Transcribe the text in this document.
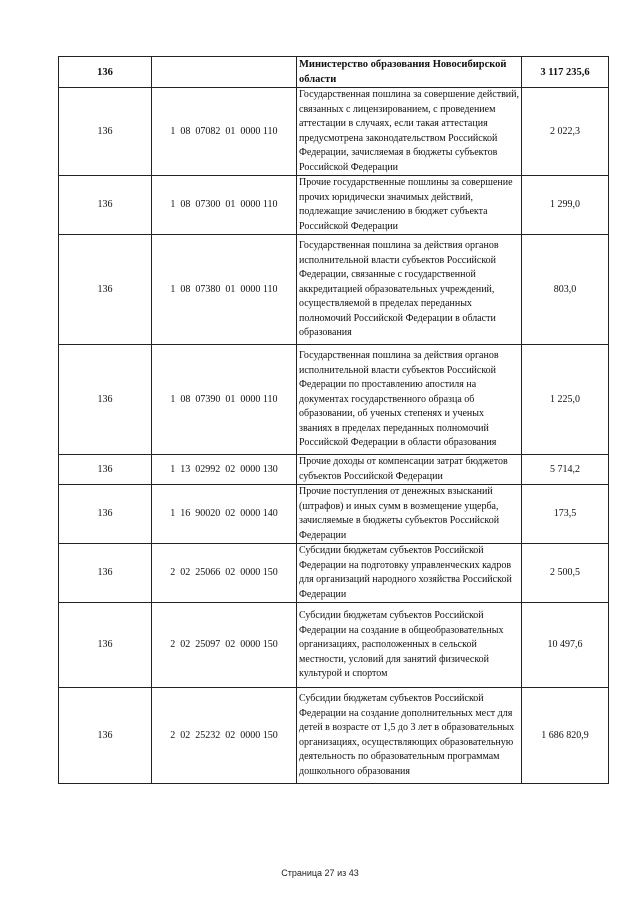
136		Министерство образования Новосибирской области	3 117 235,6
136	1  08  07082  01  0000 110	Государственная пошлина за совершение действий, связанных с лицензированием, с проведением аттестации в случаях, если такая аттестация предусмотрена законодательством Российской Федерации, зачисляемая в бюджеты субъектов Российской Федерации	2 022,3
136	1  08  07300  01  0000 110	Прочие государственные пошлины за совершение прочих юридически значимых действий, подлежащие зачислению в бюджет субъекта Российской Федерации	1 299,0
136	1  08  07380  01  0000 110	Государственная пошлина за действия органов исполнительной власти субъектов Российской Федерации, связанные с государственной аккредитацией образовательных учреждений, осуществляемой в пределах переданных полномочий Российской Федерации в области образования	803,0
136	1  08  07390  01  0000 110	Государственная пошлина за действия органов исполнительной власти субъектов Российской Федерации по проставлению апостиля на документах государственного образца об образовании, об ученых степенях и ученых званиях в пределах переданных полномочий Российской Федерации в области образования	1 225,0
136	1  13  02992  02  0000 130	Прочие доходы от компенсации затрат бюджетов субъектов Российской Федерации	5 714,2
136	1  16  90020  02  0000 140	Прочие поступления от денежных взысканий (штрафов) и иных сумм в возмещение ущерба, зачисляемые в бюджеты субъектов Российской Федерации	173,5
136	2  02  25066  02  0000 150	Субсидии бюджетам субъектов Российской Федерации на подготовку управленческих кадров для организаций народного хозяйства Российской Федерации	2 500,5
136	2  02  25097  02  0000 150	Субсидии бюджетам субъектов Российской Федерации на создание в общеобразовательных организациях, расположенных в сельской местности, условий для занятий физической культурой и спортом	10 497,6
136	2  02  25232  02  0000 150	Субсидии бюджетам субъектов Российской Федерации на создание дополнительных мест для детей в возрасте от 1,5 до 3 лет в образовательных организациях, осуществляющих образовательную деятельность по образовательным программам дошкольного образования	1 686 820,9
Страница 27 из 43
